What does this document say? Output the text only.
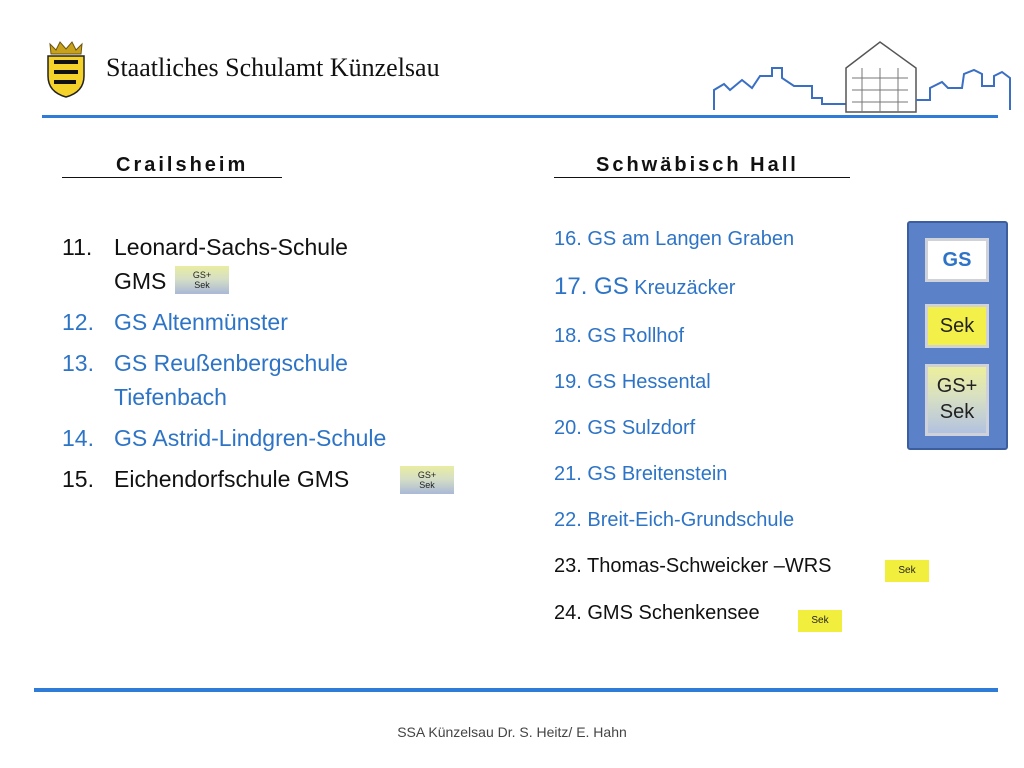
Staatliches Schulamt Künzelsau
Crailsheim	Schwäbisch Hall
11. Leonard-Sachs-Schule
GMS	GS+
Sek
12. GS Altenmünster
13. GS Reußenbergschule
Tiefenbach
14. GS Astrid-Lindgren-Schule
15. Eichendorfschule GMS	GS+
Sek
16. GS am Langen Graben
17. GS Kreuzäcker
18. GS Rollhof
19. GS Hessental
20. GS Sulzdorf
21. GS Breitenstein
22. Breit-Eich-Grundschule
23. Thomas-Schweicker –WRS	Sek
24. GMS Schenkensee	Sek
GS
Sek
GS+
Sek
SSA Künzelsau Dr. S. Heitz/ E. Hahn
